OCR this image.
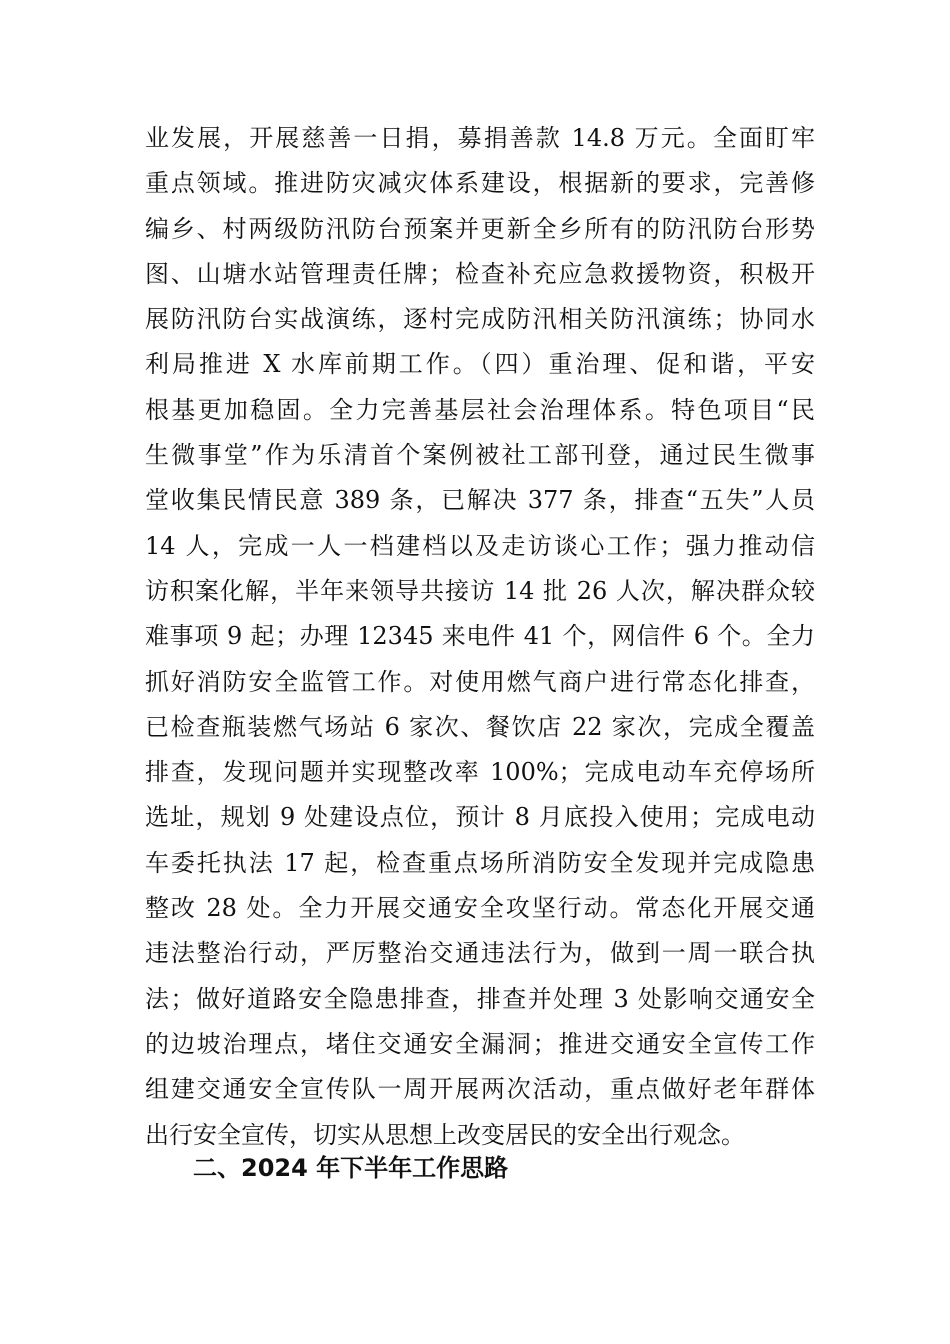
业发展，开展慈善一日捐，募捐善款 14.8 万元。全面盯牢
重点领域。推进防灾减灾体系建设，根据新的要求，完善修
编乡、村两级防汛防台预案并更新全乡所有的防汛防台形势
图、山塘水站管理责任牌；检查补充应急救援物资，积极开
展防汛防台实战演练，逐村完成防汛相关防汛演练；协同水
利局推进 X 水库前期工作。（四）重治理、促和谐，平安
根基更加稳固。全力完善基层社会治理体系。特色项目“民
生微事堂”作为乐清首个案例被社工部刊登，通过民生微事
堂收集民情民意 389 条，已解决 377 条，排查“五失”人员
14 人，完成一人一档建档以及走访谈心工作；强力推动信
访积案化解，半年来领导共接访 14 批 26 人次，解决群众较
难事项 9 起；办理 12345 来电件 41 个，网信件 6 个。全力
抓好消防安全监管工作。对使用燃气商户进行常态化排查，
已检查瓶装燃气场站 6 家次、餐饮店 22 家次，完成全覆盖
排查，发现问题并实现整改率 100%；完成电动车充停场所
选址，规划 9 处建设点位，预计 8 月底投入使用；完成电动
车委托执法 17 起，检查重点场所消防安全发现并完成隐患
整改 28 处。全力开展交通安全攻坚行动。常态化开展交通
违法整治行动，严厉整治交通违法行为，做到一周一联合执
法；做好道路安全隐患排查，排查并处理 3 处影响交通安全
的边坡治理点，堵住交通安全漏洞；推进交通安全宣传工作
组建交通安全宣传队一周开展两次活动，重点做好老年群体
出行安全宣传，切实从思想上改变居民的安全出行观念。
二、2024 年下半年工作思路
